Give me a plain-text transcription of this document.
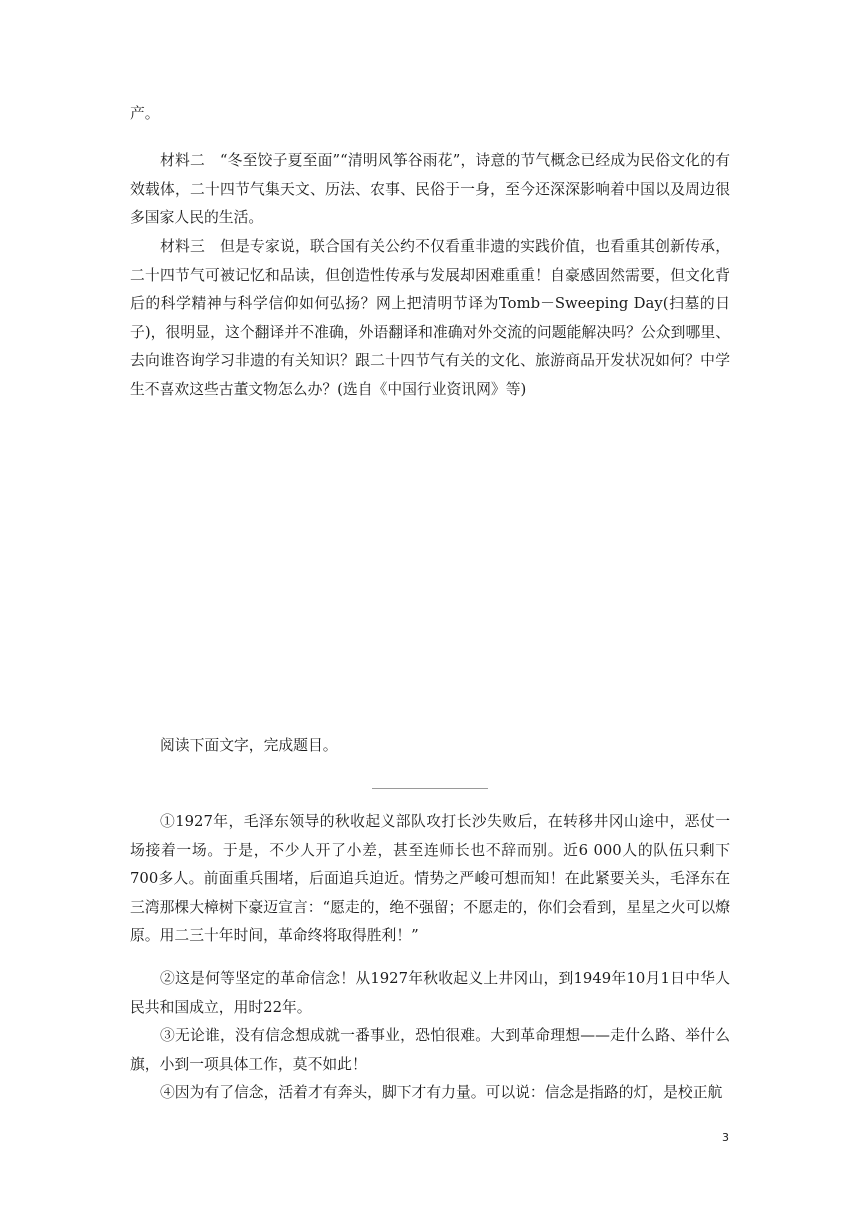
产。

材料二　“冬至饺子夏至面”“清明风筝谷雨花”，诗意的节气概念已经成为民俗文化的有效载体，二十四节气集天文、历法、农事、民俗于一身，至今还深深影响着中国以及周边很多国家人民的生活。

材料三　但是专家说，联合国有关公约不仅看重非遗的实践价值，也看重其创新传承，二十四节气可被记忆和品读，但创造性传承与发展却困难重重！自豪感固然需要，但文化背后的科学精神与科学信仰如何弘扬？网上把清明节译为Tomb－Sweeping Day(扫墓的日子)，很明显，这个翻译并不准确，外语翻译和准确对外交流的问题能解决吗？公众到哪里、去向谁咨询学习非遗的有关知识？跟二十四节气有关的文化、旅游商品开发状况如何？中学生不喜欢这些古董文物怎么办？(选自《中国行业资讯网》等)

阅读下面文字，完成题目。

①1927年，毛泽东领导的秋收起义部队攻打长沙失败后，在转移井冈山途中，恶仗一场接着一场。于是，不少人开了小差，甚至连师长也不辞而别。近6 000人的队伍只剩下700多人。前面重兵围堵，后面追兵迫近。情势之严峻可想而知！在此紧要关头，毛泽东在三湾那棵大樟树下豪迈宣言：“愿走的，绝不强留；不愿走的，你们会看到，星星之火可以燎原。用二三十年时间，革命终将取得胜利！”

②这是何等坚定的革命信念！从1927年秋收起义上井冈山，到1949年10月1日中华人民共和国成立，用时22年。

③无论谁，没有信念想成就一番事业，恐怕很难。大到革命理想——走什么路、举什么旗，小到一项具体工作，莫不如此！

④因为有了信念，活着才有奔头，脚下才有力量。可以说：信念是指路的灯，是校正航

3
